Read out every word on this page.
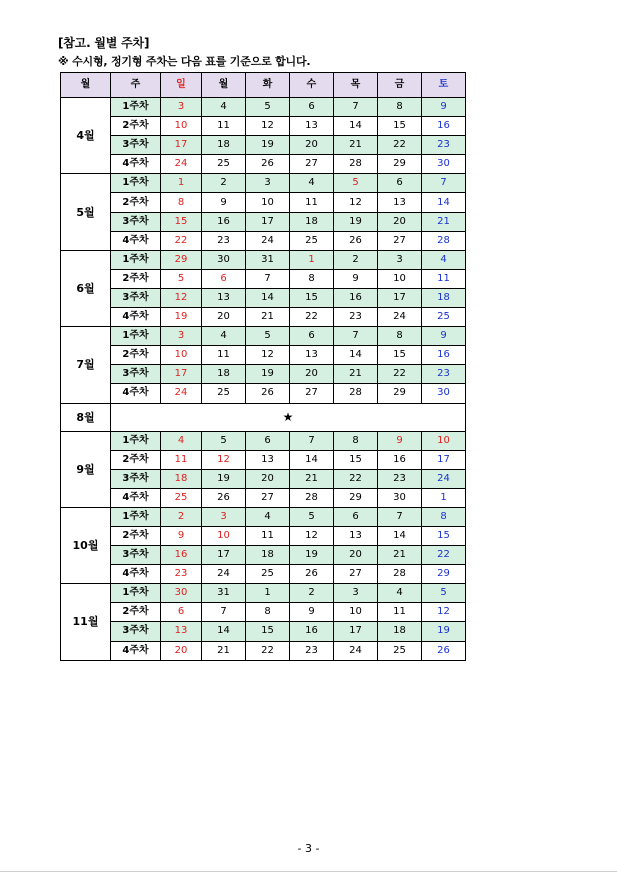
[참고. 월별 주차]
※ 수시형, 정기형 주차는 다음 표를 기준으로 합니다.
월	주	일	월	화	수	목	금	토
4월	1주차	3	4	5	6	7	8	9
	2주차	10	11	12	13	14	15	16
	3주차	17	18	19	20	21	22	23
	4주차	24	25	26	27	28	29	30
5월	1주차	1	2	3	4	5	6	7
	2주차	8	9	10	11	12	13	14
	3주차	15	16	17	18	19	20	21
	4주차	22	23	24	25	26	27	28
6월	1주차	29	30	31	1	2	3	4
	2주차	5	6	7	8	9	10	11
	3주차	12	13	14	15	16	17	18
	4주차	19	20	21	22	23	24	25
7월	1주차	3	4	5	6	7	8	9
	2주차	10	11	12	13	14	15	16
	3주차	17	18	19	20	21	22	23
	4주차	24	25	26	27	28	29	30
8월	★							
9월	1주차	4	5	6	7	8	9	10
	2주차	11	12	13	14	15	16	17
	3주차	18	19	20	21	22	23	24
	4주차	25	26	27	28	29	30	1
10월	1주차	2	3	4	5	6	7	8
	2주차	9	10	11	12	13	14	15
	3주차	16	17	18	19	20	21	22
	4주차	23	24	25	26	27	28	29
11월	1주차	30	31	1	2	3	4	5
	2주차	6	7	8	9	10	11	12
	3주차	13	14	15	16	17	18	19
	4주차	20	21	22	23	24	25	26
- 3 -
